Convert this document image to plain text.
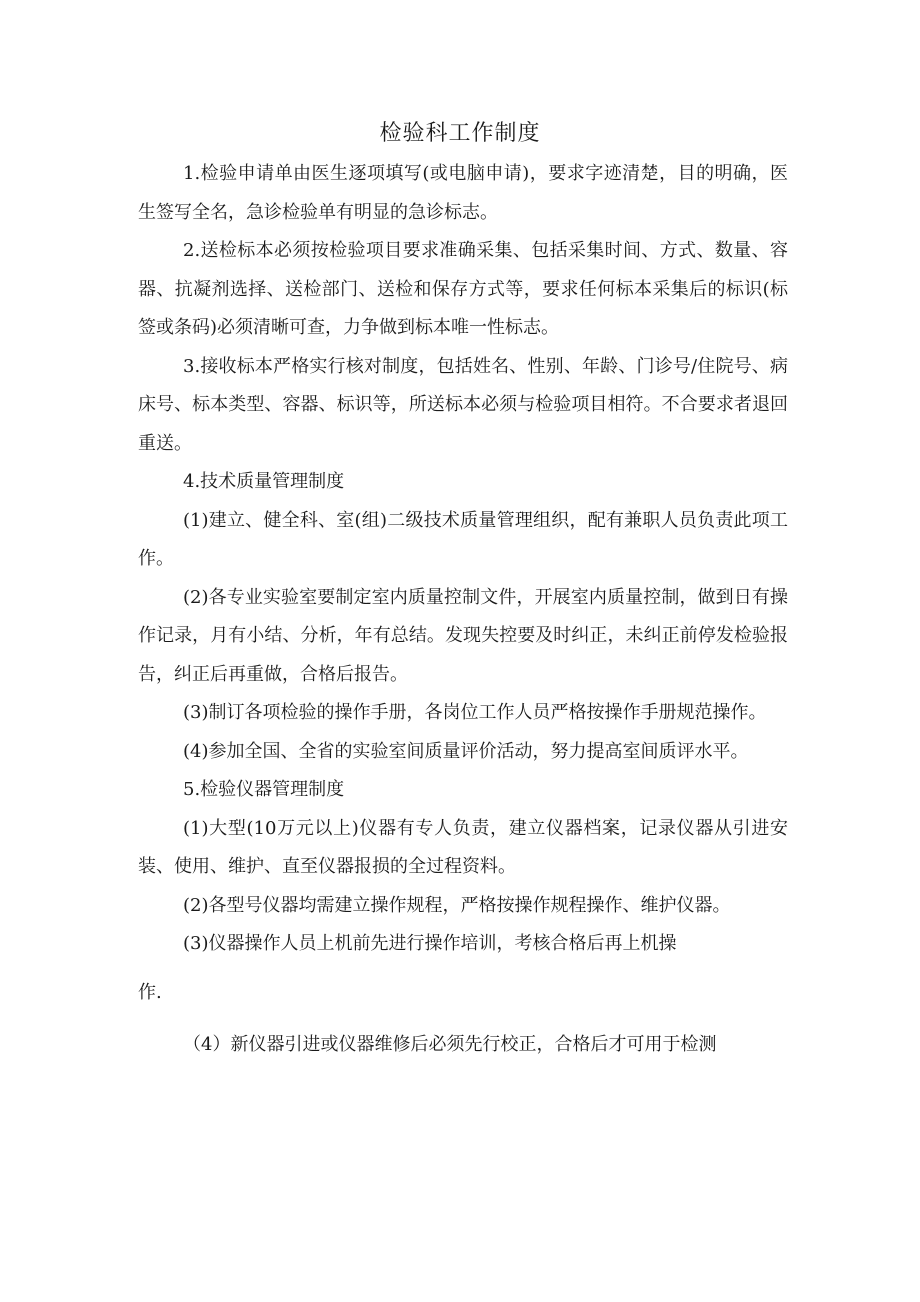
检验科工作制度

1.检验申请单由医生逐项填写(或电脑申请)，要求字迹清楚，目的明确，医生签写全名，急诊检验单有明显的急诊标志。

2.送检标本必须按检验项目要求准确采集、包括采集时间、方式、数量、容器、抗凝剂选择、送检部门、送检和保存方式等，要求任何标本采集后的标识(标签或条码)必须清晰可查，力争做到标本唯一性标志。

3.接收标本严格实行核对制度，包括姓名、性别、年龄、门诊号/住院号、病床号、标本类型、容器、标识等，所送标本必须与检验项目相符。不合要求者退回重送。

4.技术质量管理制度

(1)建立、健全科、室(组)二级技术质量管理组织，配有兼职人员负责此项工作。

(2)各专业实验室要制定室内质量控制文件，开展室内质量控制，做到日有操作记录，月有小结、分析，年有总结。发现失控要及时纠正，未纠正前停发检验报告，纠正后再重做，合格后报告。

(3)制订各项检验的操作手册，各岗位工作人员严格按操作手册规范操作。

(4)参加全国、全省的实验室间质量评价活动，努力提高室间质评水平。

5.检验仪器管理制度

(1)大型(10万元以上)仪器有专人负责，建立仪器档案，记录仪器从引进安装、使用、维护、直至仪器报损的全过程资料。

(2)各型号仪器均需建立操作规程，严格按操作规程操作、维护仪器。

(3)仪器操作人员上机前先进行操作培训，考核合格后再上机操

作.

（4）新仪器引进或仪器维修后必须先行校正，合格后才可用于检测
